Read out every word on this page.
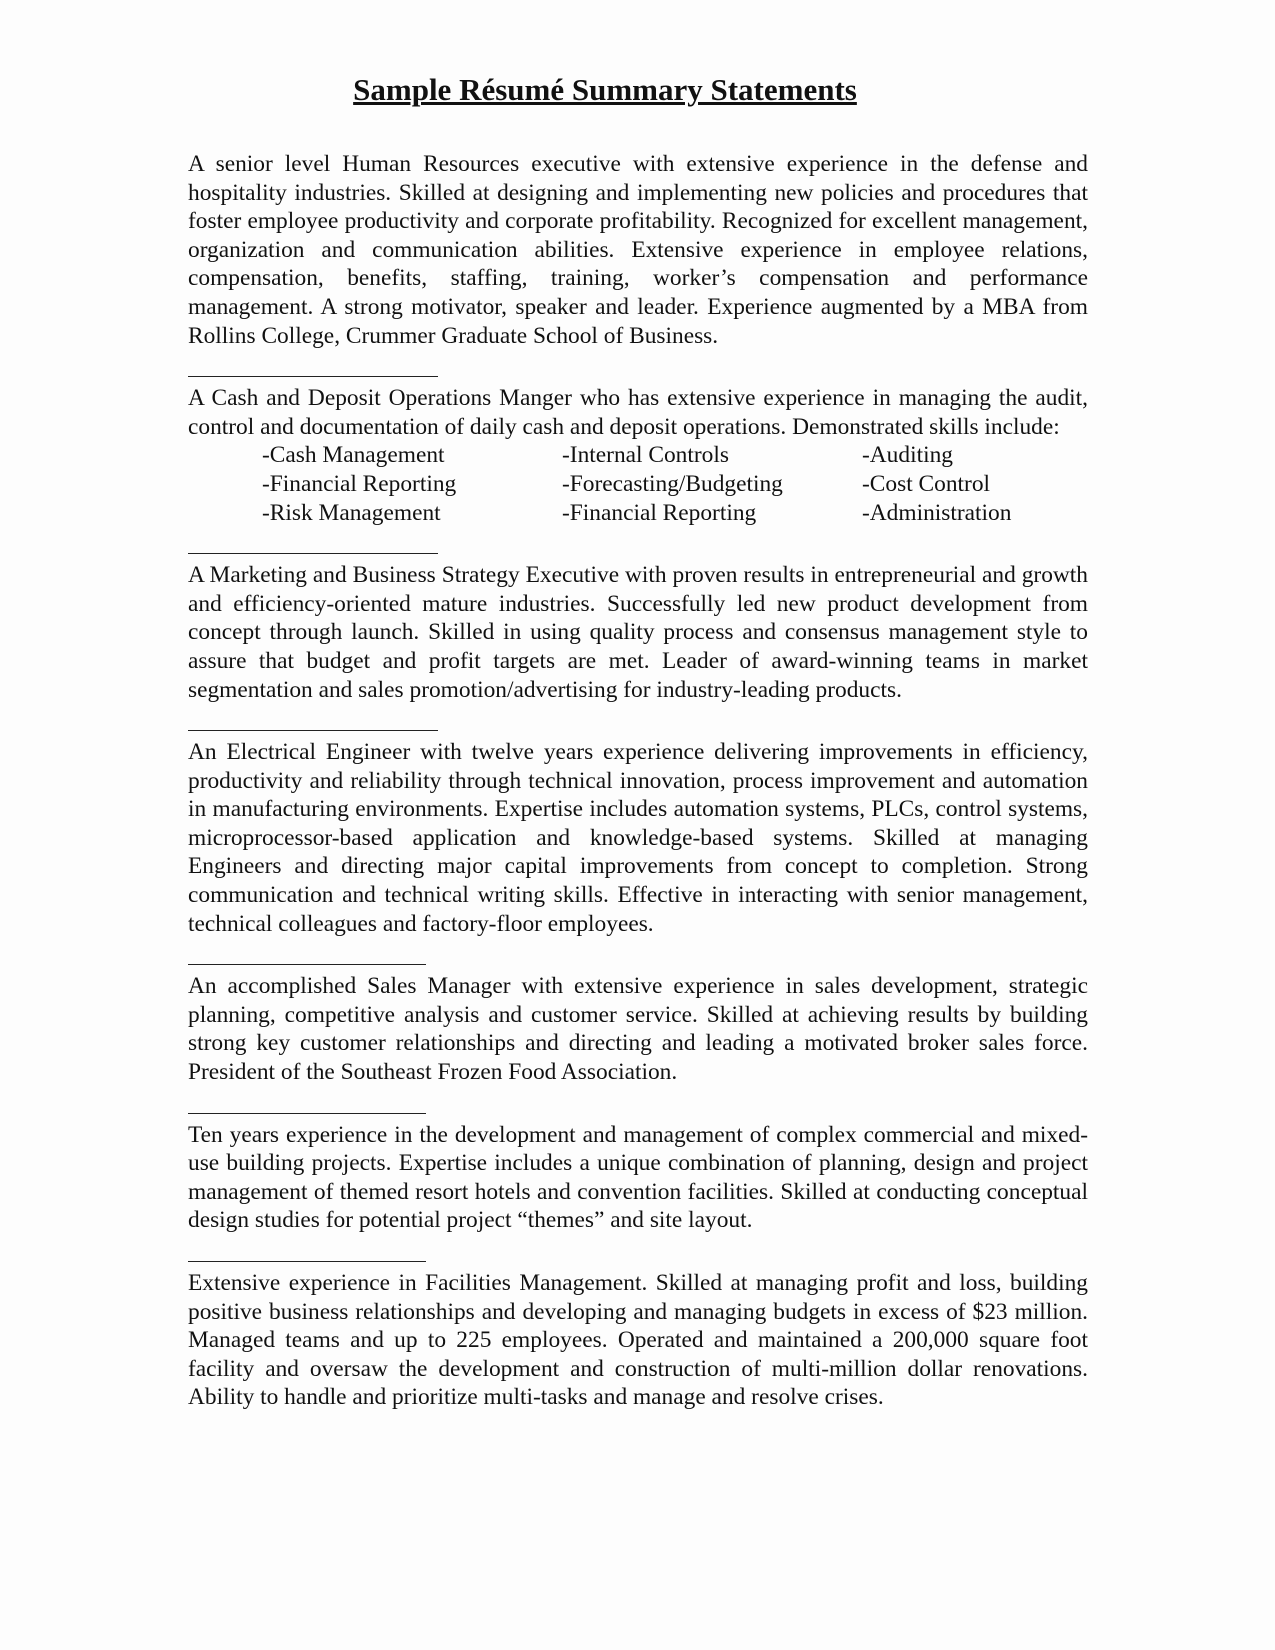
Sample Résumé Summary Statements

A senior level Human Resources executive with extensive experience in the defense and hospitality industries. Skilled at designing and implementing new policies and procedures that foster employee productivity and corporate profitability. Recognized for excellent management, organization and communication abilities. Extensive experience in employee relations, compensation, benefits, staffing, training, worker’s compensation and performance management. A strong motivator, speaker and leader. Experience augmented by a MBA from Rollins College, Crummer Graduate School of Business.

A Cash and Deposit Operations Manger who has extensive experience in managing the audit, control and documentation of daily cash and deposit operations. Demonstrated skills include:

-Cash Management	-Internal Controls	-Auditing
-Financial Reporting	-Forecasting/Budgeting	-Cost Control
-Risk Management	-Financial Reporting	-Administration

A Marketing and Business Strategy Executive with proven results in entrepreneurial and growth and efficiency-oriented mature industries. Successfully led new product development from concept through launch. Skilled in using quality process and consensus management style to assure that budget and profit targets are met. Leader of award-winning teams in market segmentation and sales promotion/advertising for industry-leading products.

An Electrical Engineer with twelve years experience delivering improvements in efficiency, productivity and reliability through technical innovation, process improvement and automation in manufacturing environments. Expertise includes automation systems, PLCs, control systems, microprocessor-based application and knowledge-based systems. Skilled at managing Engineers and directing major capital improvements from concept to completion. Strong communication and technical writing skills. Effective in interacting with senior management, technical colleagues and factory-floor employees.

An accomplished Sales Manager with extensive experience in sales development, strategic planning, competitive analysis and customer service. Skilled at achieving results by building strong key customer relationships and directing and leading a motivated broker sales force. President of the Southeast Frozen Food Association.

Ten years experience in the development and management of complex commercial and mixed-use building projects. Expertise includes a unique combination of planning, design and project management of themed resort hotels and convention facilities. Skilled at conducting conceptual design studies for potential project “themes” and site layout.

Extensive experience in Facilities Management. Skilled at managing profit and loss, building positive business relationships and developing and managing budgets in excess of $23 million. Managed teams and up to 225 employees. Operated and maintained a 200,000 square foot facility and oversaw the development and construction of multi-million dollar renovations. Ability to handle and prioritize multi-tasks and manage and resolve crises.
